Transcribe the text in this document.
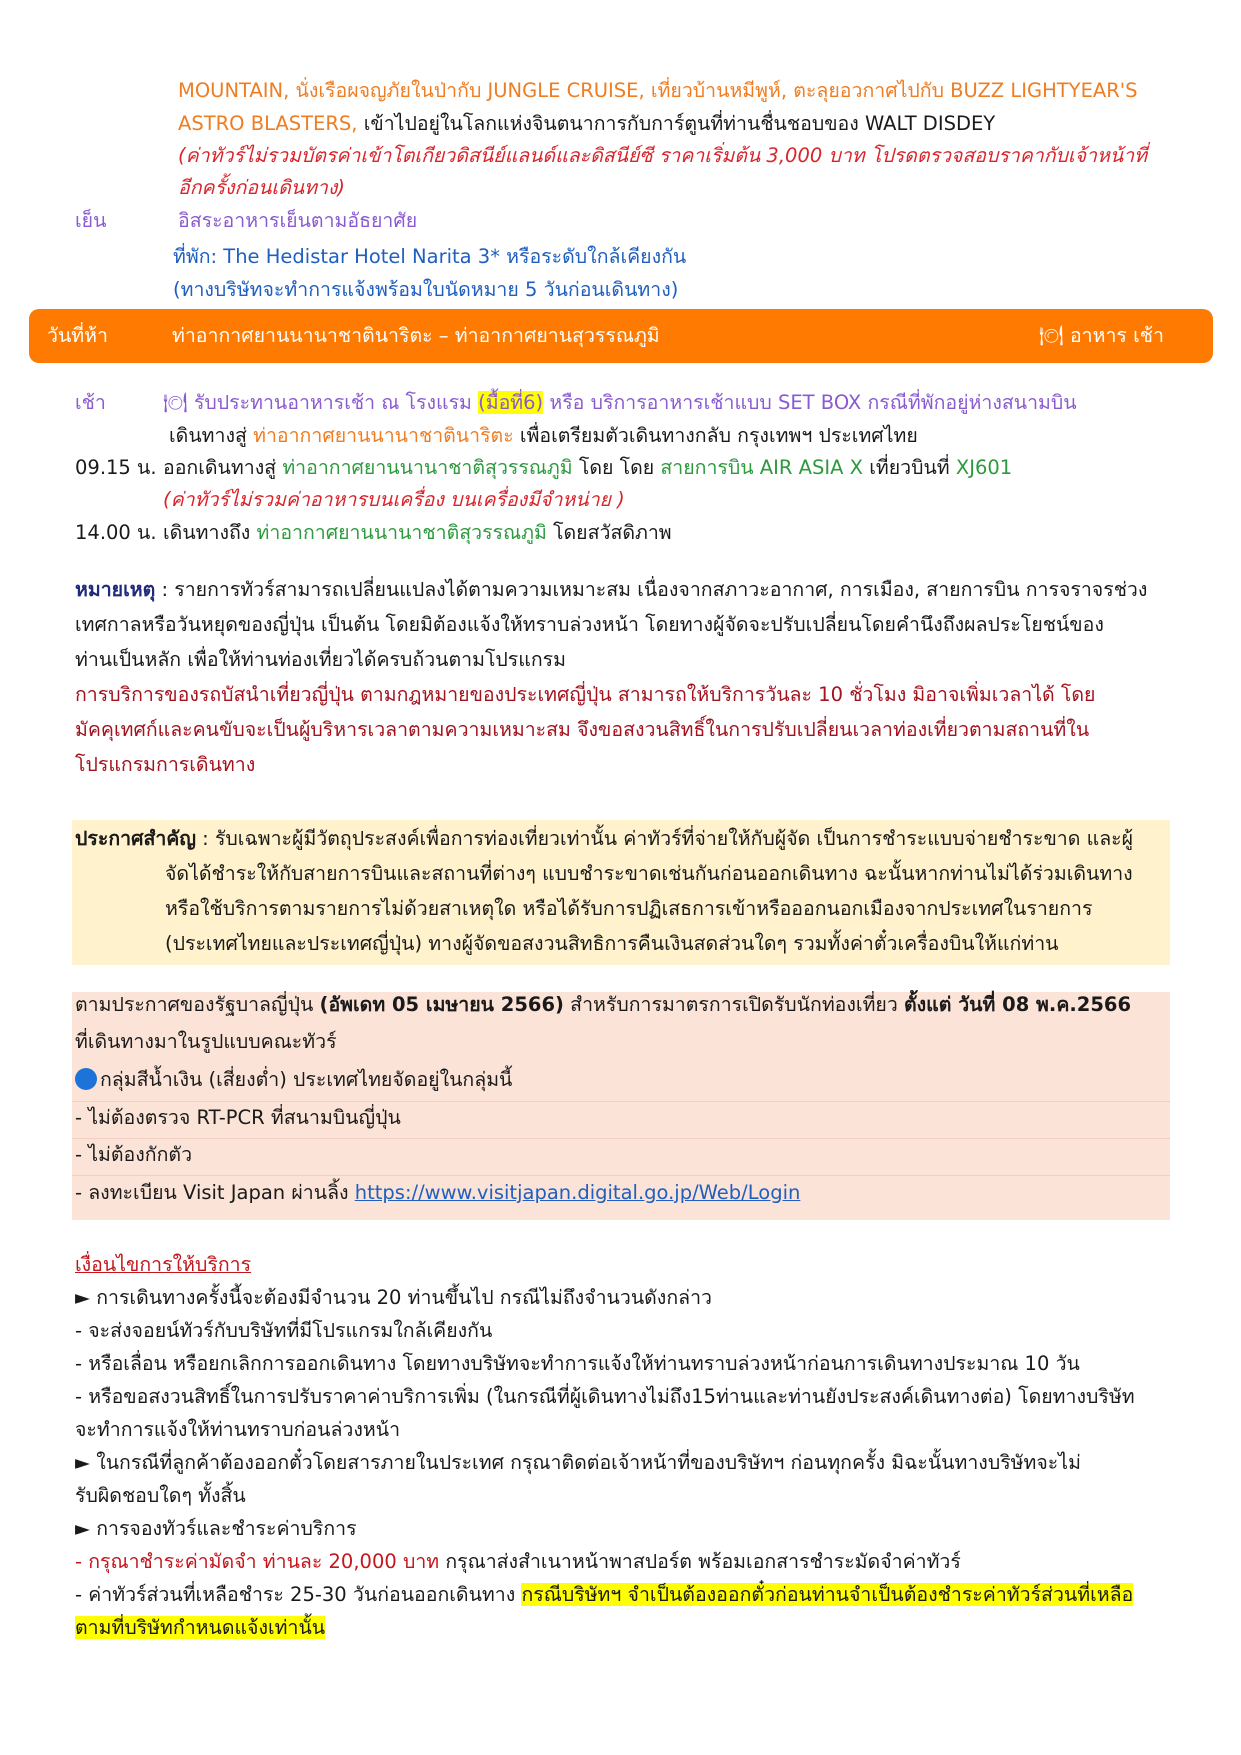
MOUNTAIN, นั่งเรือผจญภัยในป่ากับ JUNGLE CRUISE, เที่ยวบ้านหมีพูห์, ตะลุยอวกาศไปกับ BUZZ LIGHTYEAR'S
ASTRO BLASTERS, เข้าไปอยู่ในโลกแห่งจินตนาการกับการ์ตูนที่ท่านชื่นชอบของ WALT DISDEY
(ค่าทัวร์ไม่รวมบัตรค่าเข้าโตเกียวดิสนีย์แลนด์และดิสนีย์ซี ราคาเริ่มต้น 3,000 บาท โปรดตรวจสอบราคากับเจ้าหน้าที่
อีกครั้งก่อนเดินทาง)
เย็น	อิสระอาหารเย็นตามอัธยาศัย
ที่พัก: The Hedistar Hotel Narita 3* หรือระดับใกล้เคียงกัน
(ทางบริษัทจะทำการแจ้งพร้อมใบนัดหมาย 5 วันก่อนเดินทาง)
วันที่ห้า	ท่าอากาศยานนานาชาตินาริตะ – ท่าอากาศยานสุวรรณภูมิ	🍽 อาหาร เช้า
เช้า	🍽 รับประทานอาหารเช้า ณ โรงแรม (มื้อที่6) หรือ บริการอาหารเช้าแบบ SET BOX กรณีที่พักอยู่ห่างสนามบิน
เดินทางสู่ ท่าอากาศยานนานาชาตินาริตะ เพื่อเตรียมตัวเดินทางกลับ กรุงเทพฯ ประเทศไทย
09.15 น. ออกเดินทางสู่ ท่าอากาศยานนานาชาติสุวรรณภูมิ โดย โดย สายการบิน AIR ASIA X เที่ยวบินที่ XJ601
(ค่าทัวร์ไม่รวมค่าอาหารบนเครื่อง บนเครื่องมีจำหน่าย )
14.00 น. เดินทางถึง ท่าอากาศยานนานาชาติสุวรรณภูมิ โดยสวัสดิภาพ
หมายเหตุ : รายการทัวร์สามารถเปลี่ยนแปลงได้ตามความเหมาะสม เนื่องจากสภาวะอากาศ, การเมือง, สายการบิน การจราจรช่วง
เทศกาลหรือวันหยุดของญี่ปุ่น เป็นต้น โดยมิต้องแจ้งให้ทราบล่วงหน้า โดยทางผู้จัดจะปรับเปลี่ยนโดยคำนึงถึงผลประโยชน์ของ
ท่านเป็นหลัก เพื่อให้ท่านท่องเที่ยวได้ครบถ้วนตามโปรแกรม
การบริการของรถบัสนำเที่ยวญี่ปุ่น ตามกฎหมายของประเทศญี่ปุ่น สามารถให้บริการวันละ 10 ชั่วโมง มิอาจเพิ่มเวลาได้ โดย
มัคคุเทศก์และคนขับจะเป็นผู้บริหารเวลาตามความเหมาะสม จึงขอสงวนสิทธิ์ในการปรับเปลี่ยนเวลาท่องเที่ยวตามสถานที่ใน
โปรแกรมการเดินทาง
ประกาศสำคัญ : รับเฉพาะผู้มีวัตถุประสงค์เพื่อการท่องเที่ยวเท่านั้น ค่าทัวร์ที่จ่ายให้กับผู้จัด เป็นการชำระแบบจ่ายชำระขาด และผู้
จัดได้ชำระให้กับสายการบินและสถานที่ต่างๆ แบบชำระขาดเช่นกันก่อนออกเดินทาง ฉะนั้นหากท่านไม่ได้ร่วมเดินทาง
หรือใช้บริการตามรายการไม่ด้วยสาเหตุใด หรือได้รับการปฏิเสธการเข้าหรือออกนอกเมืองจากประเทศในรายการ
(ประเทศไทยและประเทศญี่ปุ่น) ทางผู้จัดขอสงวนสิทธิการคืนเงินสดส่วนใดๆ รวมทั้งค่าตั๋วเครื่องบินให้แก่ท่าน
ตามประกาศของรัฐบาลญี่ปุ่น (อัพเดท 05 เมษายน 2566) สำหรับการมาตรการเปิดรับนักท่องเที่ยว ตั้งแต่ วันที่ 08 พ.ค.2566
ที่เดินทางมาในรูปแบบคณะทัวร์
กลุ่มสีน้ำเงิน (เสี่ยงต่ำ) ประเทศไทยจัดอยู่ในกลุ่มนี้
- ไม่ต้องตรวจ RT-PCR ที่สนามบินญี่ปุ่น
- ไม่ต้องกักตัว
- ลงทะเบียน Visit Japan ผ่านลิ้ง https://www.visitjapan.digital.go.jp/Web/Login
เงื่อนไขการให้บริการ
► การเดินทางครั้งนี้จะต้องมีจำนวน 20 ท่านขึ้นไป กรณีไม่ถึงจำนวนดังกล่าว
- จะส่งจอยน์ทัวร์กับบริษัทที่มีโปรแกรมใกล้เคียงกัน
- หรือเลื่อน หรือยกเลิกการออกเดินทาง โดยทางบริษัทจะทำการแจ้งให้ท่านทราบล่วงหน้าก่อนการเดินทางประมาณ 10 วัน
- หรือขอสงวนสิทธิ์ในการปรับราคาค่าบริการเพิ่ม (ในกรณีที่ผู้เดินทางไม่ถึง15ท่านและท่านยังประสงค์เดินทางต่อ) โดยทางบริษัท
จะทำการแจ้งให้ท่านทราบก่อนล่วงหน้า
► ในกรณีที่ลูกค้าต้องออกตั๋วโดยสารภายในประเทศ กรุณาติดต่อเจ้าหน้าที่ของบริษัทฯ ก่อนทุกครั้ง มิฉะนั้นทางบริษัทจะไม่
รับผิดชอบใดๆ ทั้งสิ้น
► การจองทัวร์และชำระค่าบริการ
- กรุณาชำระค่ามัดจำ ท่านละ 20,000 บาท กรุณาส่งสำเนาหน้าพาสปอร์ต พร้อมเอกสารชำระมัดจำค่าทัวร์
- ค่าทัวร์ส่วนที่เหลือชำระ 25-30 วันก่อนออกเดินทาง กรณีบริษัทฯ จำเป็นต้องออกตั๋วก่อนท่านจำเป็นต้องชำระค่าทัวร์ส่วนที่เหลือ
ตามที่บริษัทกำหนดแจ้งเท่านั้น
